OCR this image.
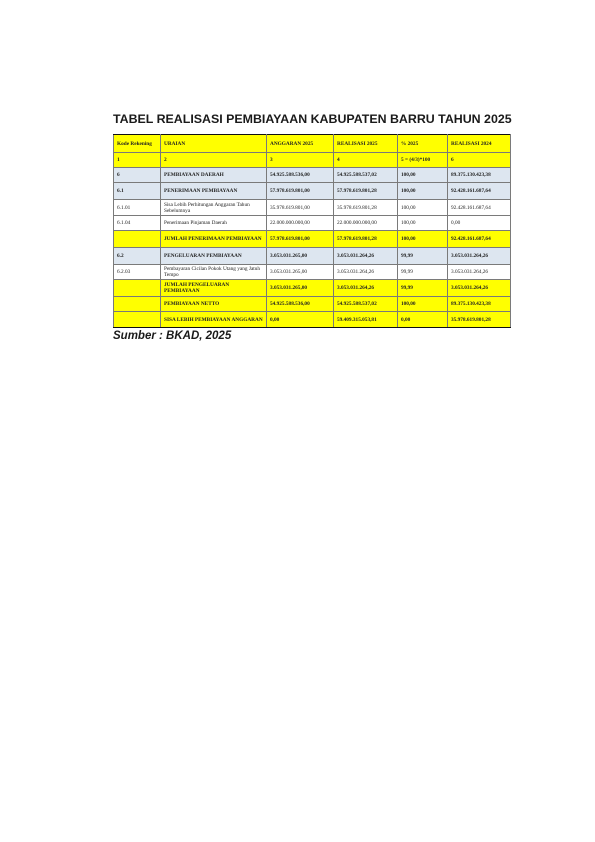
TABEL REALISASI PEMBIAYAAN KABUPATEN BARRU TAHUN 2025
Kode Rekening	URAIAN	ANGGARAN 2025	REALISASI 2025	% 2025	REALISASI 2024
1	2	3	4	5 = (4/3)*100	6
6	PEMBIAYAAN DAERAH	54.925.588.536,00	54.925.588.537,02	100,00	89.375.130.423,38
6.1	PENERIMAAN PEMBIAYAAN	57.978.619.801,00	57.978.619.801,28	100,00	92.428.161.687,64
6.1.01	Sisa Lebih Perhitungan Anggaran Tahun Sebelumnya	35.978.619.801,00	35.978.619.801,28	100,00	92.428.161.687,64
6.1.04	Penerimaan Pinjaman Daerah	22.000.000.000,00	22.000.000.000,00	100,00	0,00
	JUMLAH PENERIMAAN PEMBIAYAAN	57.978.619.801,00	57.978.619.801,28	100,00	92.428.161.687,64
6.2	PENGELUARAN PEMBIAYAAN	3.053.031.265,00	3.053.031.264,26	99,99	3.053.031.264,26
6.2.03	Pembayaran Cicilan Pokok Utang yang Jatuh Tempo	3.053.031.265,00	3.053.031.264,26	99,99	3.053.031.264,26
	JUMLAH PENGELUARAN PEMBIAYAAN	3.053.031.265,00	3.053.031.264,26	99,99	3.053.031.264,26
	PEMBIAYAAN NETTO	54.925.588.536,00	54.925.588.537,02	100,00	89.375.130.423,38
	SISA LEBIH PEMBIAYAAN ANGGARAN	0,00	59.409.315.053,81	0,00	35.978.619.801,28
Sumber : BKAD, 2025
